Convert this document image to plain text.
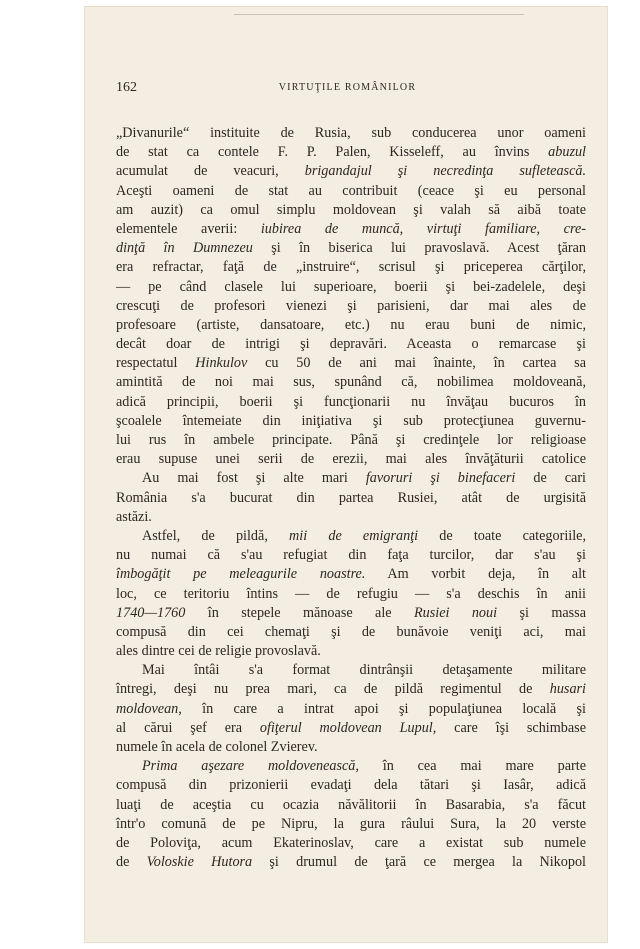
162	VIRTUŢILE ROMÂNILOR
„Divanurile“ instituite de Rusia, sub conducerea unor oameni
de stat ca contele F. P. Palen, Kisseleff, au învins abuzul
acumulat de veacuri, brigandajul şi necredinţa sufletească.
Aceşti oameni de stat au contribuit (ceace şi eu personal
am auzit) ca omul simplu moldovean şi valah să aibă toate
elementele averii: iubirea de muncă, virtuţi familiare, cre-
dinţă în Dumnezeu şi în biserica lui pravoslavă. Acest ţăran
era refractar, faţă de „instruire“, scrisul şi priceperea cărţilor,
— pe când clasele lui superioare, boerii şi bei-zadelele, deşi
crescuţi de profesori vienezi şi parisieni, dar mai ales de
profesoare (artiste, dansatoare, etc.) nu erau buni de nimic,
decât doar de intrigi şi depravări. Aceasta o remarcase şi
respectatul Hinkulov cu 50 de ani mai înainte, în cartea sa
amintită de noi mai sus, spunând că, nobilimea moldoveană,
adică principii, boerii şi funcţionarii nu învăţau bucuros în
şcoalele întemeiate din iniţiativa şi sub protecţiunea guvernu-
lui rus în ambele principate. Până şi credinţele lor religioase
erau supuse unei serii de erezii, mai ales învăţăturii catolice
Au mai fost şi alte mari favoruri şi binefaceri de cari
România s'a bucurat din partea Rusiei, atât de urgisită
astăzi.
Astfel, de pildă, mii de emigranţi de toate categoriile,
nu numai că s'au refugiat din faţa turcilor, dar s'au şi
îmbogăţit pe meleagurile noastre. Am vorbit deja, în alt
loc, ce teritoriu întins — de refugiu — s'a deschis în anii
1740—1760 în stepele mănoase ale Rusiei noui şi massa
compusă din cei chemaţi şi de bunăvoie veniţi aci, mai
ales dintre cei de religie provoslavă.
Mai întâi s'a format dintrânşii detaşamente militare
întregi, deşi nu prea mari, ca de pildă regimentul de husari
moldovean, în care a intrat apoi şi populaţiunea locală şi
al cărui şef era ofiţerul moldovean Lupul, care îşi schimbase
numele în acela de colonel Zvierev.
Prima aşezare moldovenească, în cea mai mare parte
compusă din prizonierii evadaţi dela tătari şi Iasâr, adică
luaţi de aceştia cu ocazia năvălitorii în Basarabia, s'a făcut
într'o comună de pe Nipru, la gura râului Sura, la 20 verste
de Poloviţa, acum Ekaterinoslav, care a existat sub numele
de Voloskie Hutora şi drumul de ţară ce mergea la Nikopol
